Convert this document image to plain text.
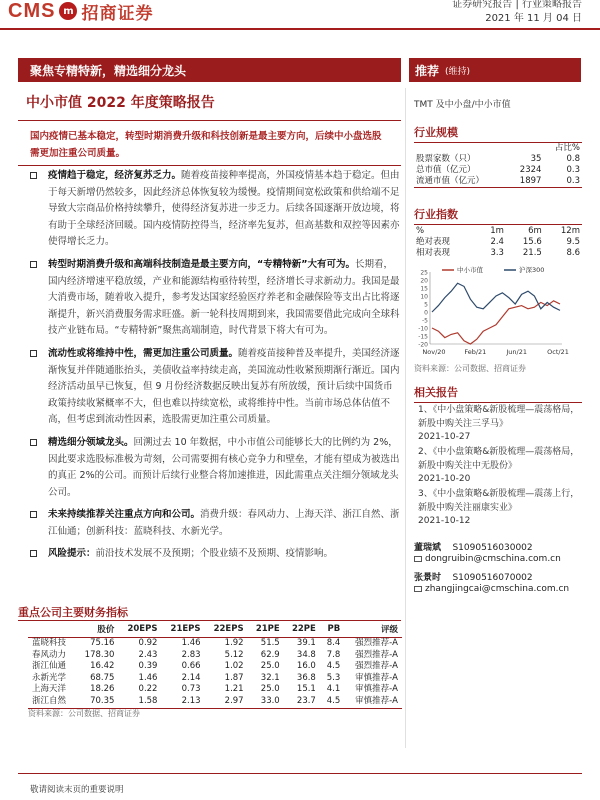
CMS m 招商证券	证券研究报告 | 行业策略报告
2021 年 11 月 04 日
聚焦专精特新，精选细分龙头	推荐 (维持)
中小市值 2022 年度策略报告	TMT 及中小盘/中小市值
国内疫情已基本稳定，转型时期消费升级和科技创新是最主要方向，后续中小盘选股需更加注重公司质量。
疫情趋于稳定，经济复苏乏力。随着疫苗接种率提高，外国疫情基本趋于稳定。但由于每天新增仍然较多，因此经济总体恢复较为缓慢。疫情期间宽松政策和供给端不足导致大宗商品价格持续攀升，使得经济复苏进一步乏力。后续各国逐渐开放边境，将有助于全球经济回暖。国内疫情防控得当，经济率先复苏，但高基数和双控等因素亦使得增长乏力。
转型时期消费升级和高端科技制造是最主要方向，“专精特新”大有可为。长期看，国内经济增速平稳放缓，产业和能源结构亟待转型，经济增长寻求新动力。我国是最大消费市场，随着收入提升，参考发达国家经验医疗养老和金融保险等支出占比将逐渐提升，新兴消费服务需求旺盛。新一轮科技周期到来，我国需要借此完成向全球科技产业链布局。“专精特新”聚焦高端制造，时代背景下将大有可为。
流动性或将维持中性，需更加注重公司质量。随着疫苗接种普及率提升，美国经济逐渐恢复并伴随通胀抬头，美债收益率持续走高，美国流动性收紧预期渐行渐近。国内经济活动虽早已恢复，但 9 月份经济数据反映出复苏有所放缓，预计后续中国货币政策持续收紧概率不大，但也难以持续宽松，或将维持中性。当前市场总体估值不高，但考虑到流动性因素，选股需更加注重公司质量。
精选细分领域龙头。回溯过去 10 年数据，中小市值公司能够长大的比例约为 2%，因此要求选股标准极为苛刻，公司需要拥有核心竞争力和壁垒，才能有望成为被选出的真正 2%的公司。而预计后续行业整合将加速推进，因此需重点关注细分领域龙头公司。
未来持续推荐关注重点方向和公司。消费升级：春风动力、上海天洋、浙江自然、浙江仙通；创新科技：蓝晓科技、水新光学。
风险提示：前沿技术发展不及预期；个股业绩不及预期、疫情影响。
重点公司主要财务指标
	股价	20EPS	21EPS	22EPS	21PE	22PE	PB	评级
蓝晓科技	75.16	0.92	1.46	1.92	51.5	39.1	8.4	强烈推荐-A
春风动力	178.30	2.43	2.83	5.12	62.9	34.8	7.8	强烈推荐-A
浙江仙通	16.42	0.39	0.66	1.02	25.0	16.0	4.5	强烈推荐-A
永新光学	68.75	1.46	2.14	1.87	32.1	36.8	5.3	审慎推荐-A
上海天洋	18.26	0.22	0.73	1.21	25.0	15.1	4.1	审慎推荐-A
浙江自然	70.35	1.58	2.13	2.97	33.0	23.7	4.5	审慎推荐-A
资料来源：公司数据、招商证券
行业规模
		占比%
股票家数（只）	35	0.8
总市值（亿元）	2324	0.3
流通市值（亿元）	1897	0.3
行业指数
%	1m	6m	12m
绝对表现	2.4	15.6	9.5
相对表现	3.3	21.5	8.6
25
20
15
10
5
0
-5
-10
-15
-20
Nov/20	Feb/21	Jun/21	Oct/21
中小市值	沪深300
资料来源：公司数据、招商证券
相关报告
1、《中小盘策略&新股梳理—震荡格局，新股中购关注三孚马》
2021-10-27
2、《中小盘策略&新股梳理—震荡格局，新股中购关注中无股份》
2021-10-20
3、《中小盘策略&新股梳理—震荡上行，新股中购关注丽康实业》
2021-10-12
董瑞斌 S1090516030002
dongruibin@cmschina.com.cn
张景时 S1090516070002
zhangjingcai@cmschina.com.cn
敬请阅读末页的重要说明
